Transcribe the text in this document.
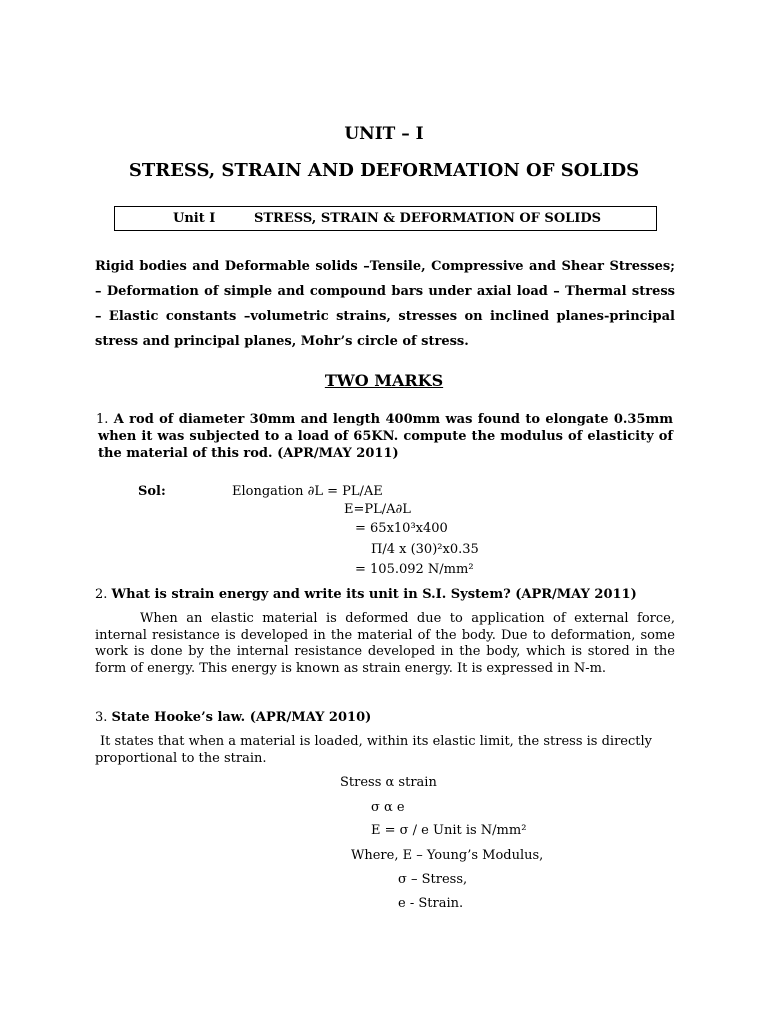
UNIT – I
STRESS, STRAIN AND DEFORMATION OF SOLIDS
Unit I	STRESS, STRAIN & DEFORMATION OF SOLIDS
Rigid bodies and Deformable solids –Tensile, Compressive and Shear Stresses; – Deformation of simple and compound bars under axial load – Thermal stress – Elastic constants –volumetric strains, stresses on inclined planes-principal stress and principal planes, Mohr’s circle of stress.
TWO MARKS
1. A rod of diameter 30mm and length 400mm was found to elongate 0.35mm when it was subjected to a load of 65KN. compute the modulus of elasticity of the material of this rod. (APR/MAY 2011)
Sol:	Elongation ∂L = PL/AE
E=PL/A∂L
= 65x10³x400
Π/4 x (30)²x0.35
= 105.092 N/mm²
2. What is strain energy and write its unit in S.I. System? (APR/MAY 2011)
When an elastic material is deformed due to application of external force, internal resistance is developed in the material of the body. Due to deformation, some work is done by the internal resistance developed in the body, which is stored in the form of energy. This energy is known as strain energy. It is expressed in N-m.
3. State Hooke’s law. (APR/MAY 2010)
It states that when a material is loaded, within its elastic limit, the stress is directly proportional to the strain.
Stress α strain
σ α e
E = σ / e Unit is N/mm²
Where, E – Young’s Modulus,
σ – Stress,
e - Strain.
